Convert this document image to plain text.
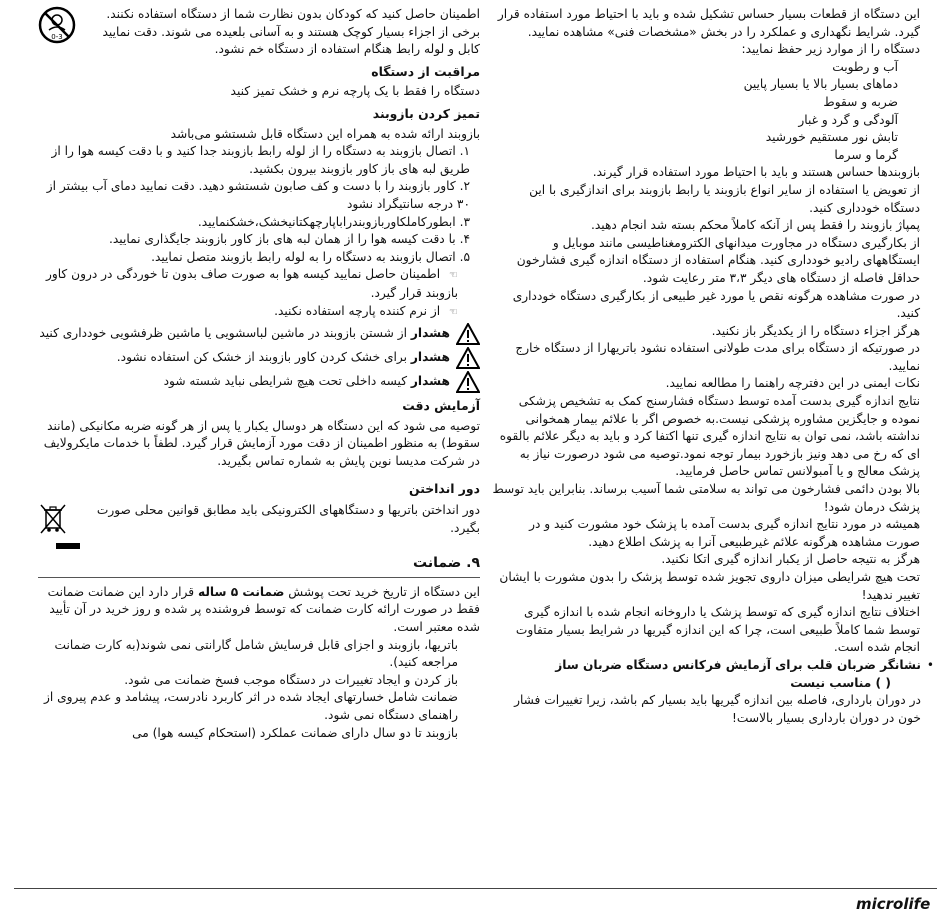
اطمینان حاصل کنید که کودکان بدون نظارت شما از دستگاه استفاده نکنند. برخی از اجزاء بسیار کوچک هستند و به آسانی بلعیده می شوند. دقت نمایید کابل و لوله رابط هنگام استفاده از دستگاه خم نشود.
0-3
مراقبت از دستگاه

دستگاه را فقط با یک پارچه نرم و خشک تمیز کنید

تمیز کردن بازوبند

بازوبند ارائه شده به همراه این دستگاه قابل شستشو می‌باشد

۱. اتصال بازوبند به دستگاه را از لوله رابط بازوبند جدا کنید و با دقت کیسه هوا را از طریق لبه های باز کاور بازوبند بیرون بکشید.

۲. کاور بازوبند را با دست و کف صابون شستشو دهید. دقت نمایید دمای آب بیشتر از ۳۰ درجه سانتیگراد نشود

۳. ابطورکاملکاوربازوبندراباپارچهکتانیخشک،خشکنمایید.

۴. با دقت کیسه هوا را از همان لبه های باز کاور بازوبند جایگذاری نمایید.

۵. اتصال بازوبند به دستگاه را به لوله رابط بازوبند متصل نمایید.

☜ اطمینان حاصل نمایید کیسه هوا به صورت صاف بدون تا خوردگی در درون کاور بازوبند قرار گیرد.

☜ از نرم کننده پارچه استفاده نکنید.

هشدار از شستن بازوبند در ماشین لباسشویی یا ماشین ظرفشویی خودداری کنید
هشدار برای خشک کردن کاور بازوبند از خشک کن استفاده نشود.
هشدار کیسه داخلی تحت هیچ شرایطی نباید شسته شود
آزمایش دقت

توصیه می شود که این دستگاه هر دوسال یکبار یا پس از هر گونه ضربه مکانیکی (مانند سقوط) به منظور اطمینان از دقت مورد آزمایش قرار گیرد. لطفاً با خدمات مایکرولایف در شرکت مدیسا نوین پایش به شماره تماس بگیرید.

دور انداختن
دور انداختن باتریها و دستگاههای الکترونیکی باید مطابق قوانین محلی صورت بگیرد.
۹. ضمانت

این دستگاه از تاریخ خرید تحت پوشش ضمانت ۵ ساله قرار دارد این ضمانت ضمانت فقط در صورت ارائه کارت ضمانت که توسط فروشنده پر شده و روز خرید در آن تأیید شده معتبر است.

باتریها، بازوبند و اجزای قابل فرسایش شامل گارانتی نمی شوند(به کارت ضمانت مراجعه کنید).

باز کردن و ایجاد تغییرات در دستگاه موجب فسخ ضمانت می شود.

ضمانت شامل خسارتهای ایجاد شده در اثر کاربرد نادرست، پیشامد و عدم پیروی از راهنمای دستگاه نمی شود.

بازوبند تا دو سال دارای ضمانت عملکرد (استحکام کیسه هوا) می

این دستگاه از قطعات بسیار حساس تشکیل شده و باید با احتیاط مورد استفاده قرار گیرد. شرایط نگهداری و عملکرد را در بخش «مشخصات فنی» مشاهده نمایید.

دستگاه را از موارد زیر حفظ نمایید:

آب و رطوبت

دماهای بسیار بالا یا بسیار پایین

ضربه و سقوط

آلودگی و گرد و غبار

تابش نور مستقیم خورشید

گرما و سرما

بازوبندها حساس هستند و باید با احتیاط مورد استفاده قرار گیرند.

از تعویض یا استفاده از سایر انواع بازوبند یا رابط بازوبند برای اندازگیری با این دستگاه خودداری کنید.

پمپاژ بازوبند را فقط پس از آنکه کاملاً محکم بسته شد انجام دهید.

از بکارگیری دستگاه در مجاورت میدانهای الکترومغناطیسی مانند موبایل و ایستگاههای رادیو خودداری کنید. هنگام استفاده از دستگاه اندازه گیری فشارخون حداقل فاصله از دستگاه های دیگر ۳،۳ متر رعایت شود.

در صورت مشاهده هرگونه نقص یا مورد غیر طبیعی از بکارگیری دستگاه خودداری کنید.

هرگز اجزاء دستگاه را از یکدیگر باز نکنید.

در صورتیکه از دستگاه برای مدت طولانی استفاده نشود باتریهارا از دستگاه خارج نمایید.

نکات ایمنی در این دفترچه راهنما را مطالعه نمایید.

نتایج اندازه گیری بدست آمده توسط دستگاه فشارسنج کمک به تشخیص پزشکی نموده و جایگزین مشاوره پزشکی نیست.به خصوص اگر با علائم بیمار همخوانی نداشته باشد، نمی توان به نتایج اندازه گیری تنها اکتفا کرد و باید به دیگر علائم بالقوه ای که رخ می دهد ونیز بازخورد بیمار توجه نمود.توصیه می شود درصورت نیاز به پزشک معالج و یا آمبولانس تماس حاصل فرمایید.

بالا بودن دائمی فشارخون می تواند به سلامتی شما آسیب برساند. بنابراین باید توسط پزشک درمان شود!

همیشه در مورد نتایج اندازه گیری بدست آمده با پزشک خود مشورت کنید و در صورت مشاهده هرگونه علائم غیرطبیعی آنرا به پزشک اطلاع دهید.

هرگز به نتیجه حاصل از یکبار اندازه گیری اتکا نکنید.

تحت هیچ شرایطی میزان داروی تجویز شده توسط پزشک را بدون مشورت با ایشان تغییر ندهید!

اختلاف نتایج اندازه گیری که توسط پزشک یا داروخانه انجام شده با اندازه گیری توسط شما کاملاً طبیعی است، چرا که این اندازه گیریها در شرایط بسیار متفاوت انجام شده است.

•

نشانگر ضربان قلب برای آزمایش فرکانس دستگاه ضربان ساز

( ) مناسب نیست

در دوران بارداری، فاصله بین اندازه گیریها باید بسیار کم باشد، زیرا تغییرات فشار خون در دوران بارداری بسیار بالاست!

microlife
